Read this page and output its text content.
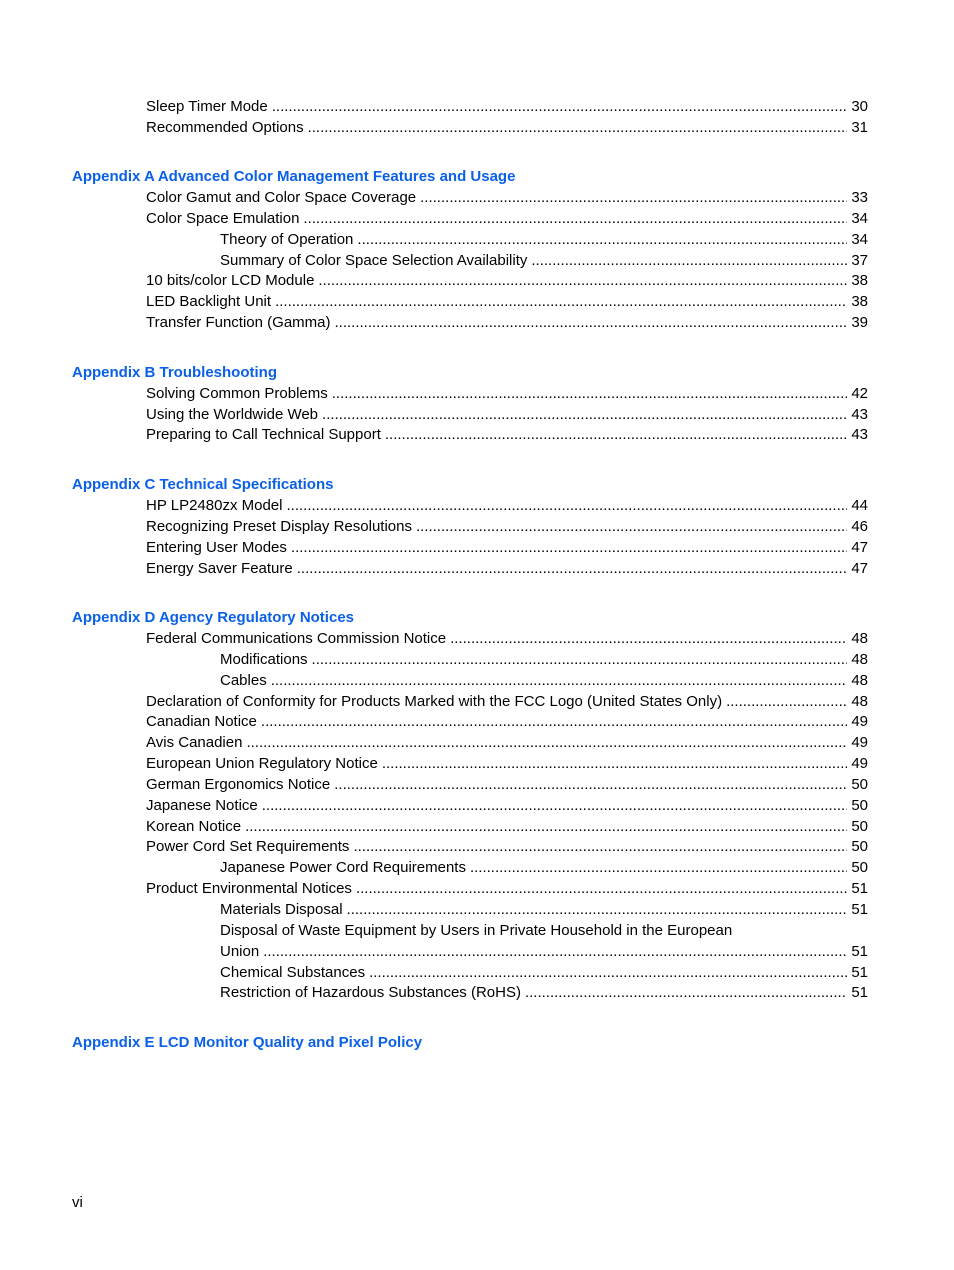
Sleep Timer Mode .....	30
Recommended Options .....	31
Appendix A Advanced Color Management Features and Usage
Color Gamut and Color Space Coverage .....	33
Color Space Emulation .....	34
Theory of Operation .....	34
Summary of Color Space Selection Availability .....	37
10 bits/color LCD Module .....	38
LED Backlight Unit .....	38
Transfer Function (Gamma) .....	39
Appendix B Troubleshooting
Solving Common Problems .....	42
Using the Worldwide Web .....	43
Preparing to Call Technical Support .....	43
Appendix C Technical Specifications
HP LP2480zx Model .....	44
Recognizing Preset Display Resolutions .....	46
Entering User Modes .....	47
Energy Saver Feature .....	47
Appendix D Agency Regulatory Notices
Federal Communications Commission Notice .....	48
Modifications .....	48
Cables .....	48
Declaration of Conformity for Products Marked with the FCC Logo (United States Only) .....	48
Canadian Notice .....	49
Avis Canadien .....	49
European Union Regulatory Notice .....	49
German Ergonomics Notice .....	50
Japanese Notice .....	50
Korean Notice .....	50
Power Cord Set Requirements .....	50
Japanese Power Cord Requirements .....	50
Product Environmental Notices .....	51
Materials Disposal .....	51
Disposal of Waste Equipment by Users in Private Household in the European
Union .....	51
Chemical Substances .....	51
Restriction of Hazardous Substances (RoHS) .....	51
Appendix E LCD Monitor Quality and Pixel Policy
vi
